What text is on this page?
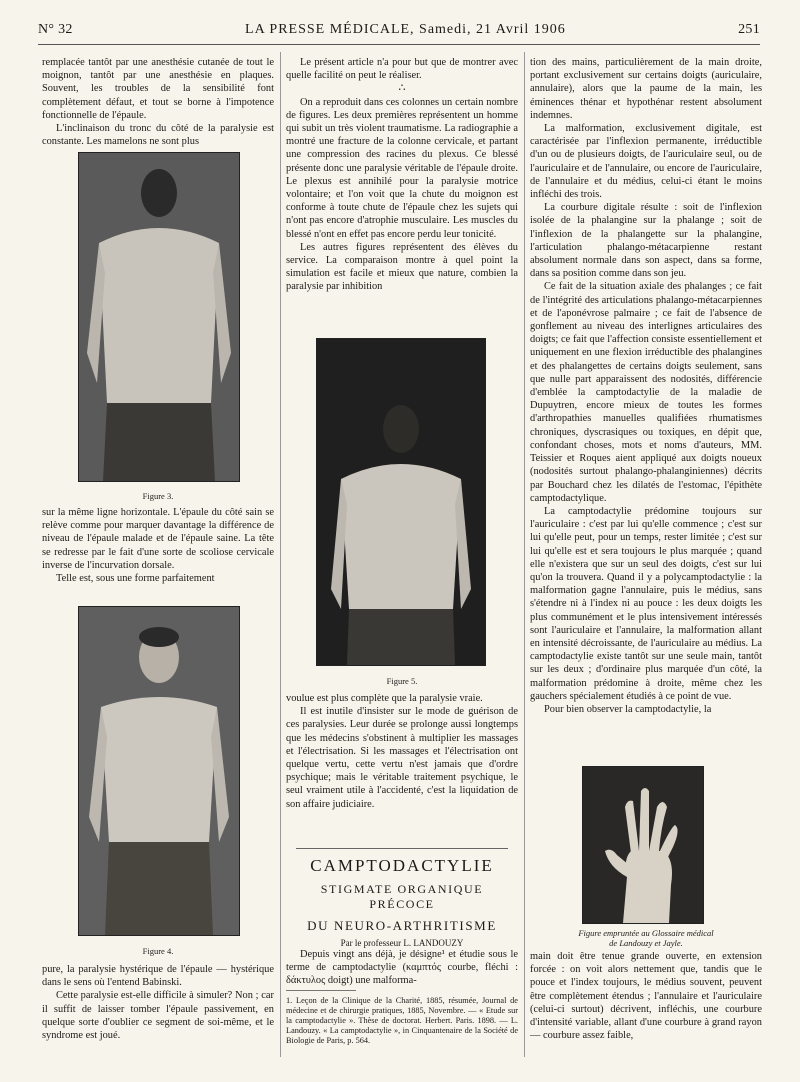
N° 32	LA PRESSE MÉDICALE, Samedi, 21 Avril 1906	251

remplacée tantôt par une anesthésie cutanée de tout le moignon, tantôt par une anesthésie en plaques. Souvent, les troubles de la sensibilité font complètement défaut, et tout se borne à l'impotence fonctionnelle de l'épaule.

L'inclinaison du tronc du côté de la paralysie est constante. Les mamelons ne sont plus

Figure 3.

sur la même ligne horizontale. L'épaule du côté sain se relève comme pour marquer davantage la différence de niveau de l'épaule malade et de l'épaule saine. La tête se redresse par le fait d'une sorte de scoliose cervicale inverse de l'incurvation dorsale.

Telle est, sous une forme parfaitement

Figure 4.

pure, la paralysie hystérique de l'épaule — hystérique dans le sens où l'entend Babinski.

Cette paralysie est-elle difficile à simuler? Non ; car il suffit de laisser tomber l'épaule passivement, en quelque sorte d'oublier ce segment de soi-même, et le syndrome est joué.

Le présent article n'a pour but que de montrer avec quelle facilité on peut le réaliser.

∴

On a reproduit dans ces colonnes un certain nombre de figures. Les deux premières représentent un homme qui subit un très violent traumatisme. La radiographie a montré une fracture de la colonne cervicale, et partant une compression des racines du plexus. Ce blessé présente donc une paralysie véritable de l'épaule droite. Le plexus est annihilé pour la paralysie motrice volontaire; et l'on voit que la chute du moignon est conforme à toute chute de l'épaule chez les sujets qui n'ont pas encore d'atrophie musculaire. Les muscles du blessé n'ont en effet pas encore perdu leur tonicité.

Les autres figures représentent des élèves du service. La comparaison montre à quel point la simulation est facile et mieux que nature, combien la paralysie par inhibition

Figure 5.

voulue est plus complète que la paralysie vraie.

Il est inutile d'insister sur le mode de guérison de ces paralysies. Leur durée se prolonge aussi longtemps que les médecins s'obstinent à multiplier les massages et l'électrisation. Si les massages et l'électrisation ont quelque vertu, cette vertu n'est jamais que d'ordre psychique; mais le véritable traitement psychique, le seul vraiment utile à l'accidenté, c'est la liquidation de son affaire judiciaire.

CAMPTODACTYLIE
STIGMATE ORGANIQUE PRÉCOCE
DU NEURO-ARTHRITISME
Par le professeur L. LANDOUZY

Depuis vingt ans déjà, je désigne¹ et étudie sous le terme de camptodactylie (καμπτός courbe, fléchi : δάκτυλος doigt) une malforma-

1. Leçon de la Clinique de la Charité, 1885, résumée, Journal de médecine et de chirurgie pratiques, 1885, Novembre. — « Etude sur la camptodactylie ». Thèse de doctorat. Herbert. Paris. 1898. — L. Landouzy. « La camptodactylie », in Cinquantenaire de la Société de Biologie de Paris, p. 564.

tion des mains, particulièrement de la main droite, portant exclusivement sur certains doigts (auriculaire, annulaire), alors que la paume de la main, les éminences thénar et hypothénar restent absolument indemnes.

La malformation, exclusivement digitale, est caractérisée par l'inflexion permanente, irréductible d'un ou de plusieurs doigts, de l'auriculaire seul, ou de l'auriculaire et de l'annulaire, ou encore de l'auriculaire, de l'annulaire et du médius, celui-ci étant le moins infléchi des trois.

La courbure digitale résulte : soit de l'inflexion isolée de la phalangine sur la phalange ; soit de l'inflexion de la phalangette sur la phalangine, l'articulation phalango-métacarpienne restant absolument normale dans son aspect, dans sa forme, dans sa position comme dans son jeu.

Ce fait de la situation axiale des phalanges ; ce fait de l'intégrité des articulations phalango-métacarpiennes et de l'aponévrose palmaire ; ce fait de l'absence de gonflement au niveau des interlignes articulaires des doigts; ce fait que l'affection consiste essentiellement et uniquement en une flexion irréductible des phalangines et des phalangettes de certains doigts seulement, sans que nulle part apparaissent des nodosités, différencie d'emblée la camptodactylie de la maladie de Dupuytren, encore mieux de toutes les formes d'arthropathies manuelles qualifiées rhumatismes chroniques, dyscrasiques ou toxiques, en dépit que, confondant choses, mots et noms d'auteurs, MM. Teissier et Roques aient appliqué aux doigts noueux (nodosités surtout phalango-phalanginiennes) décrits par Bouchard chez les dilatés de l'estomac, l'épithète camptodactylique.

La camptodactylie prédomine toujours sur l'auriculaire : c'est par lui qu'elle commence ; c'est sur lui qu'elle peut, pour un temps, rester limitée ; c'est sur lui qu'elle est et sera toujours le plus marquée ; quand elle n'existera que sur un seul des doigts, c'est sur lui qu'on la trouvera. Quand il y a polycamptodactylie : la malformation gagne l'annulaire, puis le médius, sans s'étendre ni à l'index ni au pouce : les deux doigts les plus communément et le plus intensivement intéressés sont l'auriculaire et l'annulaire, la malformation allant en intensité décroissante, de l'auriculaire au médius. La camptodactylie existe tantôt sur une seule main, tantôt sur les deux ; d'ordinaire plus marquée d'un côté, la malformation prédomine à droite, même chez les gauchers spécialement étudiés à ce point de vue.

Pour bien observer la camptodactylie, la

Figure empruntée au Glossaire médical
de Landouzy et Jayle.

main doit être tenue grande ouverte, en extension forcée : on voit alors nettement que, tandis que le pouce et l'index toujours, le médius souvent, peuvent être complètement étendus ; l'annulaire et l'auriculaire (celui-ci surtout) décrivent, infléchis, une courbure d'intensité variable, allant d'une courbure à grand rayon — courbure assez faible,
